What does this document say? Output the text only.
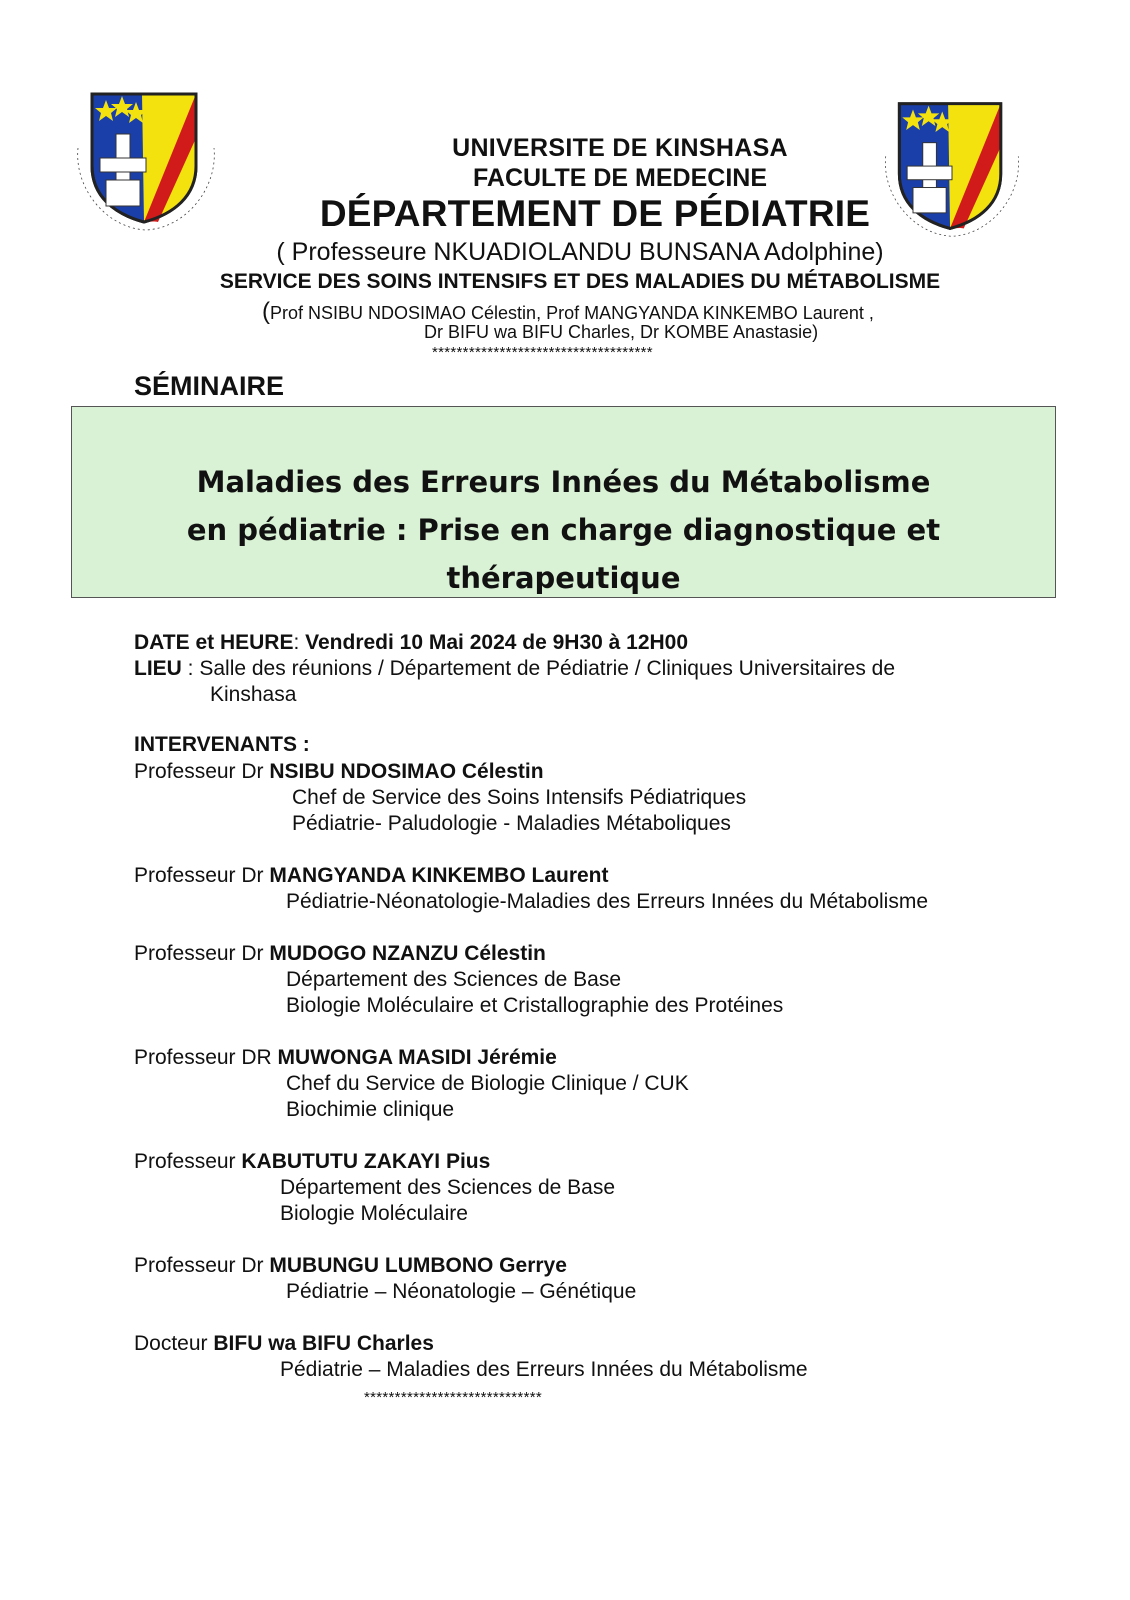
UNIVERSITE DE KINSHASA
FACULTE DE MEDECINE
DÉPARTEMENT DE PÉDIATRIE
( Professeure NKUADIOLANDU BUNSANA Adolphine)
SERVICE DES SOINS INTENSIFS ET DES MALADIES DU MÉTABOLISME
(Prof NSIBU NDOSIMAO Célestin, Prof MANGYANDA KINKEMBO Laurent ,
Dr BIFU wa BIFU Charles, Dr KOMBE Anastasie)
************************************
SÉMINAIRE
Maladies des Erreurs Innées du Métabolisme
en pédiatrie : Prise en charge diagnostique et
thérapeutique
DATE et HEURE: Vendredi 10 Mai 2024 de 9H30 à 12H00
LIEU : Salle des réunions / Département de Pédiatrie / Cliniques Universitaires de
Kinshasa
INTERVENANTS :
Professeur Dr NSIBU NDOSIMAO Célestin
Chef de Service des Soins Intensifs Pédiatriques
Pédiatrie- Paludologie - Maladies Métaboliques
Professeur Dr MANGYANDA KINKEMBO Laurent
Pédiatrie-Néonatologie-Maladies des Erreurs Innées du Métabolisme
Professeur Dr MUDOGO NZANZU Célestin
Département des Sciences de Base
Biologie Moléculaire et Cristallographie des Protéines
Professeur DR MUWONGA MASIDI Jérémie
Chef du Service de Biologie Clinique / CUK
Biochimie clinique
Professeur KABUTUTU ZAKAYI Pius
Département des Sciences de Base
Biologie Moléculaire
Professeur Dr MUBUNGU LUMBONO Gerrye
Pédiatrie – Néonatologie – Génétique
Docteur BIFU wa BIFU Charles
Pédiatrie – Maladies des Erreurs Innées du Métabolisme
*****************************
